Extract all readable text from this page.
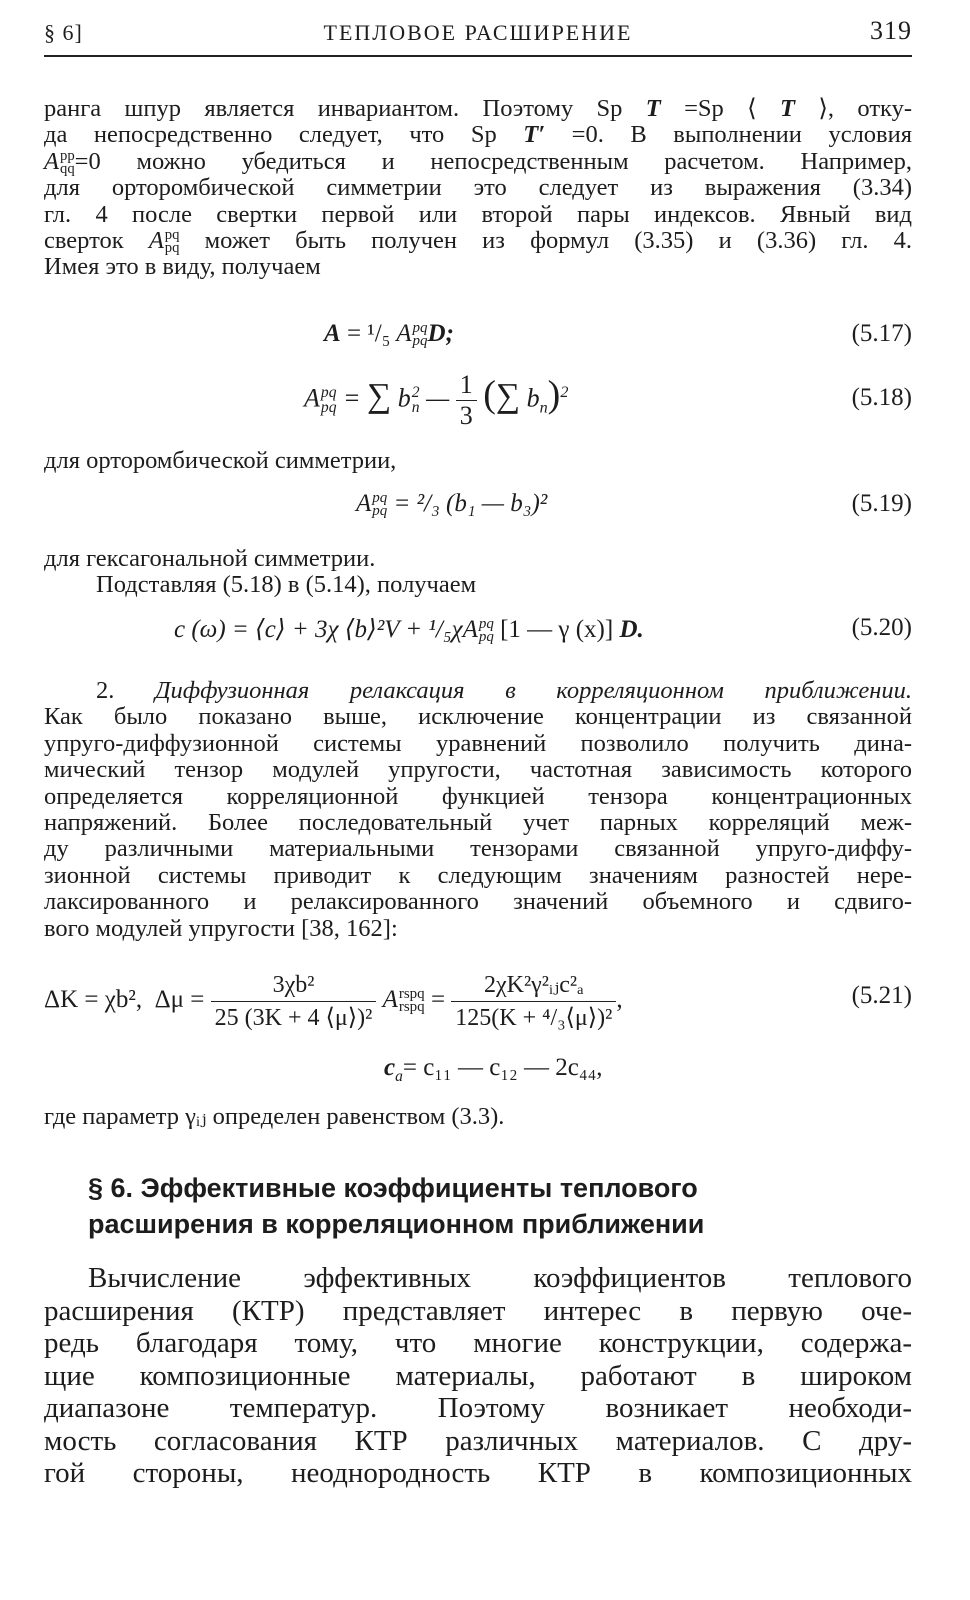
§ 6]	ТЕПЛОВОЕ РАСШИРЕНИЕ	319
ранга шпур является инвариантом. Поэтому Sp T =Sp ⟨ T ⟩, отку-
да непосредственно следует, что Sp T′ =0. В выполнении условия
A pp
qq =0 можно убедиться и непосредственным расчетом. Например,
для орторомбической симметрии это следует из выражения (3.34)
гл. 4 после свертки первой или второй пары индексов. Явный вид
сверток A pq
pq может быть получен из формул (3.35) и (3.36) гл. 4.
Имея это в виду, получаем
A = ¹/₅ A pq
pq D;	(5.17)
A pq
pq = ∑ b 2
n — $\frac{1}{3}$ (∑ $b_n)^2$	(5.18)
для орторомбической симметрии,
A pq
pq = ²/₃ (b₁ — b₃)²	(5.19)
для гексагональной симметрии.
Подставляя (5.18) в (5.14), получаем
c (ω) = ⟨c⟩ + 3χ ⟨b⟩²V + ¹/₅χA pq
pq [1 — γ (x)] D.	(5.20)
2. Диффузионная релаксация в корреляционном приближении.
Как было показано выше, исключение концентрации из связанной
упруго-диффузионной системы уравнений позволило получить дина-
мический тензор модулей упругости, частотная зависимость которого
определяется корреляционной функцией тензора концентрационных
напряжений. Более последовательный учет парных корреляций меж-
ду различными материальными тензорами связанной упруго-диффу-
зионной системы приводит к следующим значениям разностей нере-
лаксированного и релаксированного значений объемного и сдвиго-
вого модулей упругости [38, 162]:
ΔK = χb², $\Delta\mu = \frac{\text{3χb²}}{\text{25 (3K + 4 ⟨μ⟩)²}}$ A rspq
rspq = $\frac{\text{2χK²γ²ᵢⱼc²ₐ}}{\text{125(K + ⁴/₃⟨μ⟩)²}}$ ,	(5.21)
$c_a= c_{11}$ — c₁₂ — 2c₄₄,
где параметр γᵢⱼ определен равенством (3.3).
§ 6. Эффективные коэффициенты теплового
расширения в корреляционном приближении
Вычисление эффективных коэффициентов теплового
расширения (КТР) представляет интерес в первую оче-
редь благодаря тому, что многие конструкции, содержа-
щие композиционные материалы, работают в широком
диапазоне температур. Поэтому возникает необходи-
мость согласования КТР различных материалов. С дру-
гой стороны, неоднородность КТР в композиционных
